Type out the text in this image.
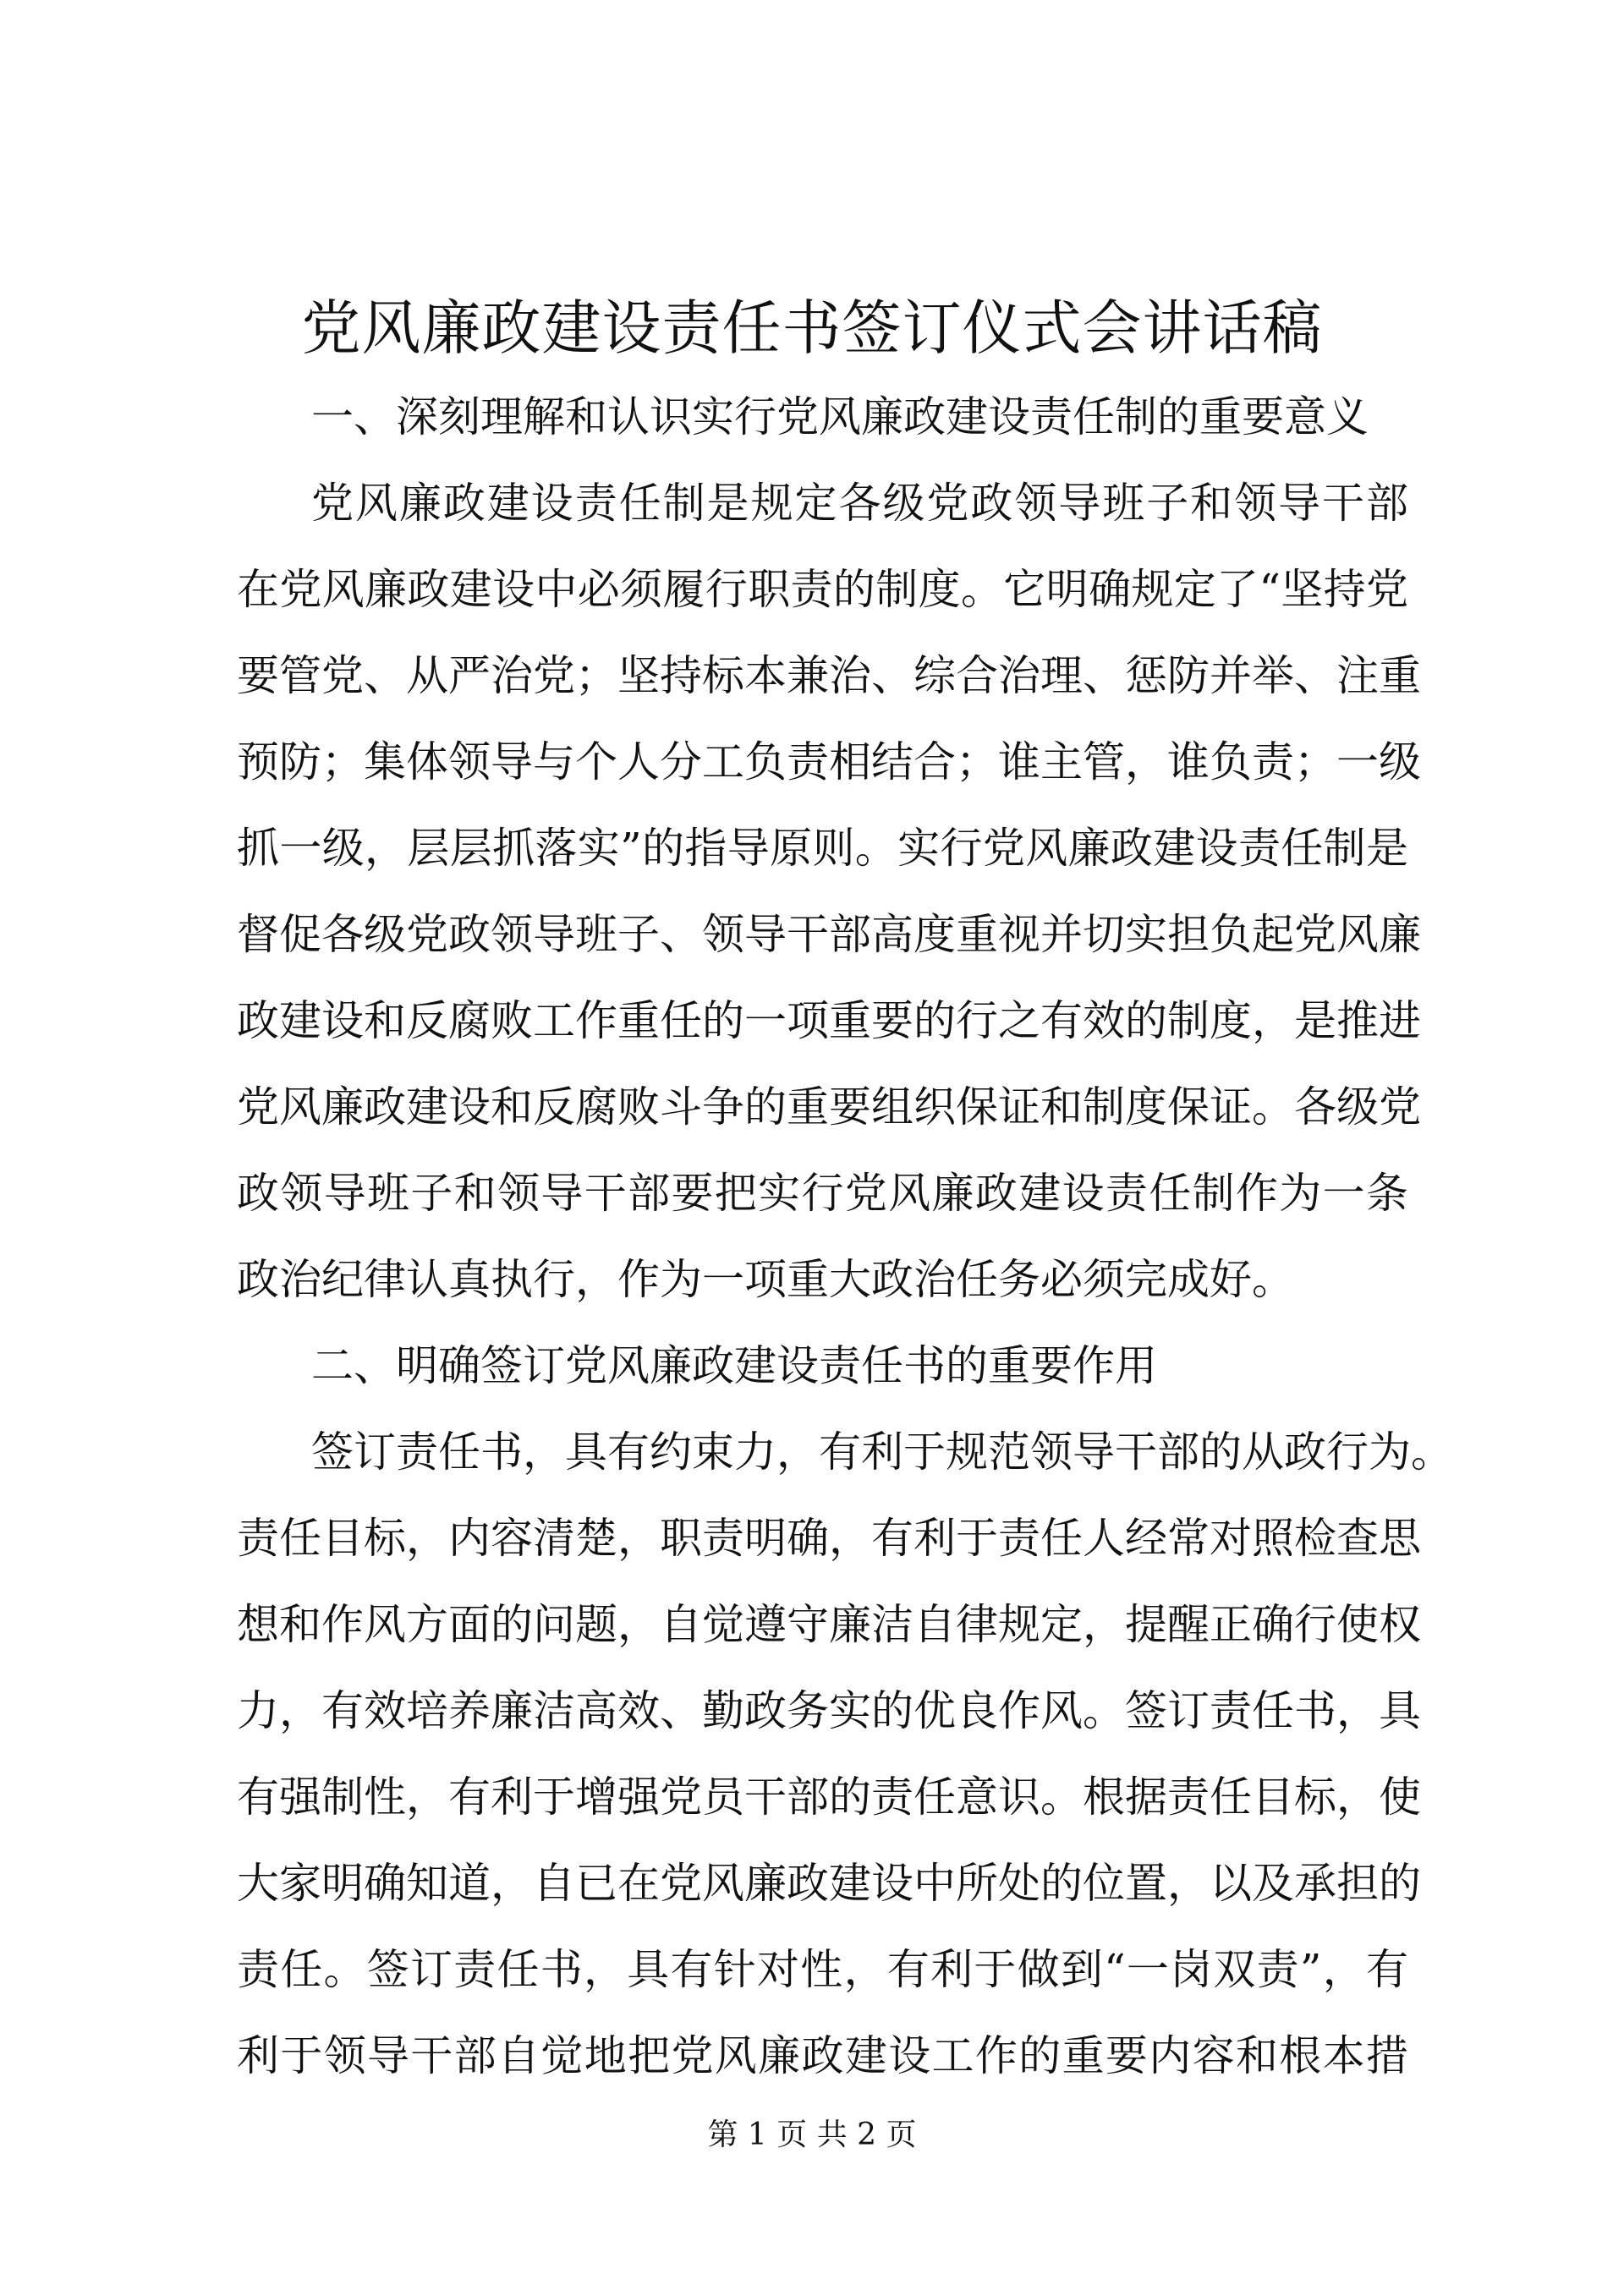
党风廉政建设责任书签订仪式会讲话稿
一、深刻理解和认识实行党风廉政建设责任制的重要意义
党风廉政建设责任制是规定各级党政领导班子和领导干部
在党风廉政建设中必须履行职责的制度。它明确规定了“坚持党
要管党、从严治党；坚持标本兼治、综合治理、惩防并举、注重
预防；集体领导与个人分工负责相结合；谁主管，谁负责；一级
抓一级，层层抓落实”的指导原则。实行党风廉政建设责任制是
督促各级党政领导班子、领导干部高度重视并切实担负起党风廉
政建设和反腐败工作重任的一项重要的行之有效的制度，是推进
党风廉政建设和反腐败斗争的重要组织保证和制度保证。各级党
政领导班子和领导干部要把实行党风廉政建设责任制作为一条
政治纪律认真执行，作为一项重大政治任务必须完成好。
二、明确签订党风廉政建设责任书的重要作用
签订责任书，具有约束力，有利于规范领导干部的从政行为。
责任目标，内容清楚，职责明确，有利于责任人经常对照检查思
想和作风方面的问题，自觉遵守廉洁自律规定，提醒正确行使权
力，有效培养廉洁高效、勤政务实的优良作风。签订责任书，具
有强制性，有利于增强党员干部的责任意识。根据责任目标，使
大家明确知道，自已在党风廉政建设中所处的位置，以及承担的
责任。签订责任书，具有针对性，有利于做到“一岗双责”，有
利于领导干部自觉地把党风廉政建设工作的重要内容和根本措
第 1 页 共 2 页
